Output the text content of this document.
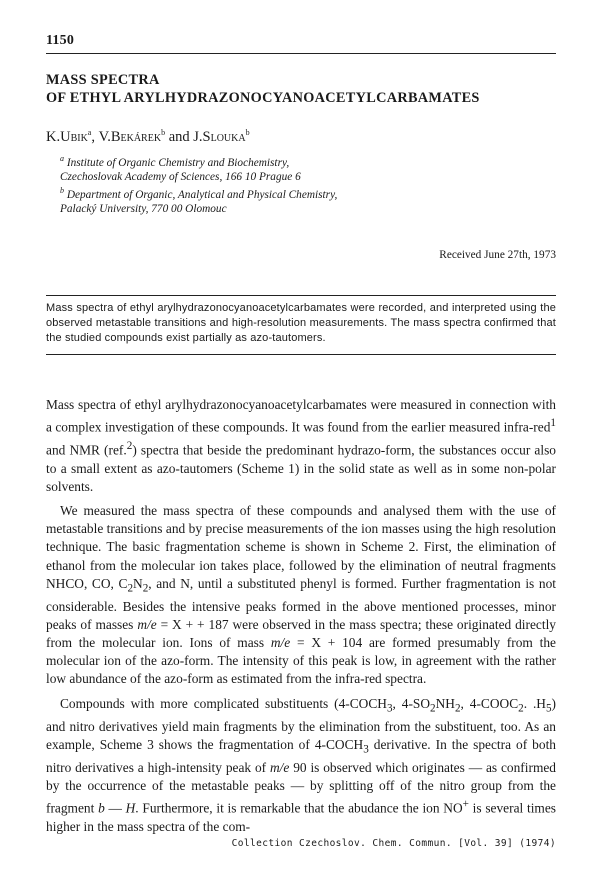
1150
MASS SPECTRA
OF ETHYL ARYLHYDRAZONOCYANOACETYLCARBAMATES
K.Ubik$^a$, V.Bekárek$^b$ and J.Slouka$^b$
$^a$ Institute of Organic Chemistry and Biochemistry,
Czechoslovak Academy of Sciences, 166 10 Prague 6
$^b$ Department of Organic, Analytical and Physical Chemistry,
Palacký University, 770 00 Olomouc
Received June 27th, 1973
Mass spectra of ethyl arylhydrazonocyanoacetylcarbamates were recorded, and interpreted using the observed metastable transitions and high-resolution measurements. The mass spectra confirmed that the studied compounds exist partially as azo-tautomers.

Mass spectra of ethyl arylhydrazonocyanoacetylcarbamates were measured in connection with a complex investigation of these compounds. It was found from the earlier measured infra-red$^1$ and NMR (ref.$^2$) spectra that beside the predominant hydrazo-form, the substances occur also to a small extent as azo-tautomers (Scheme 1) in the solid state as well as in some non-polar solvents.

We measured the mass spectra of these compounds and analysed them with the use of metastable transitions and by precise measurements of the ion masses using the high resolution technique. The basic fragmentation scheme is shown in Scheme 2. First, the elimination of ethanol from the molecular ion takes place, followed by the elimination of neutral fragments NHCO, CO, $C_2N_2$, and N, until a substituted phenyl is formed. Further fragmentation is not considerable. Besides the intensive peaks formed in the above mentioned processes, minor peaks of masses m/e = X + + 187 were observed in the mass spectra; these originated directly from the molecular ion. Ions of mass m/e = X + 104 are formed presumably from the molecular ion of the azo-form. The intensity of this peak is low, in agreement with the rather low abundance of the azo-form as estimated from the infra-red spectra.

Compounds with more complicated substituents ($4-COCH_3$, $4-SO_2NH_2$, $4-COOC_2$. $.H_5$) and nitro derivatives yield main fragments by the elimination from the substituent, too. As an example, Scheme 3 shows the fragmentation of $4-COCH_3$ derivative. In the spectra of both nitro derivatives a high-intensity peak of m/e 90 is observed which originates — as confirmed by the occurrence of the metastable peaks — by splitting off of the nitro group from the fragment b — H. Furthermore, it is remarkable that the abudance the ion NO+ is several times higher in the mass spectra of the com-

Collection Czechoslov. Chem. Commun. [Vol. 39] (1974)
